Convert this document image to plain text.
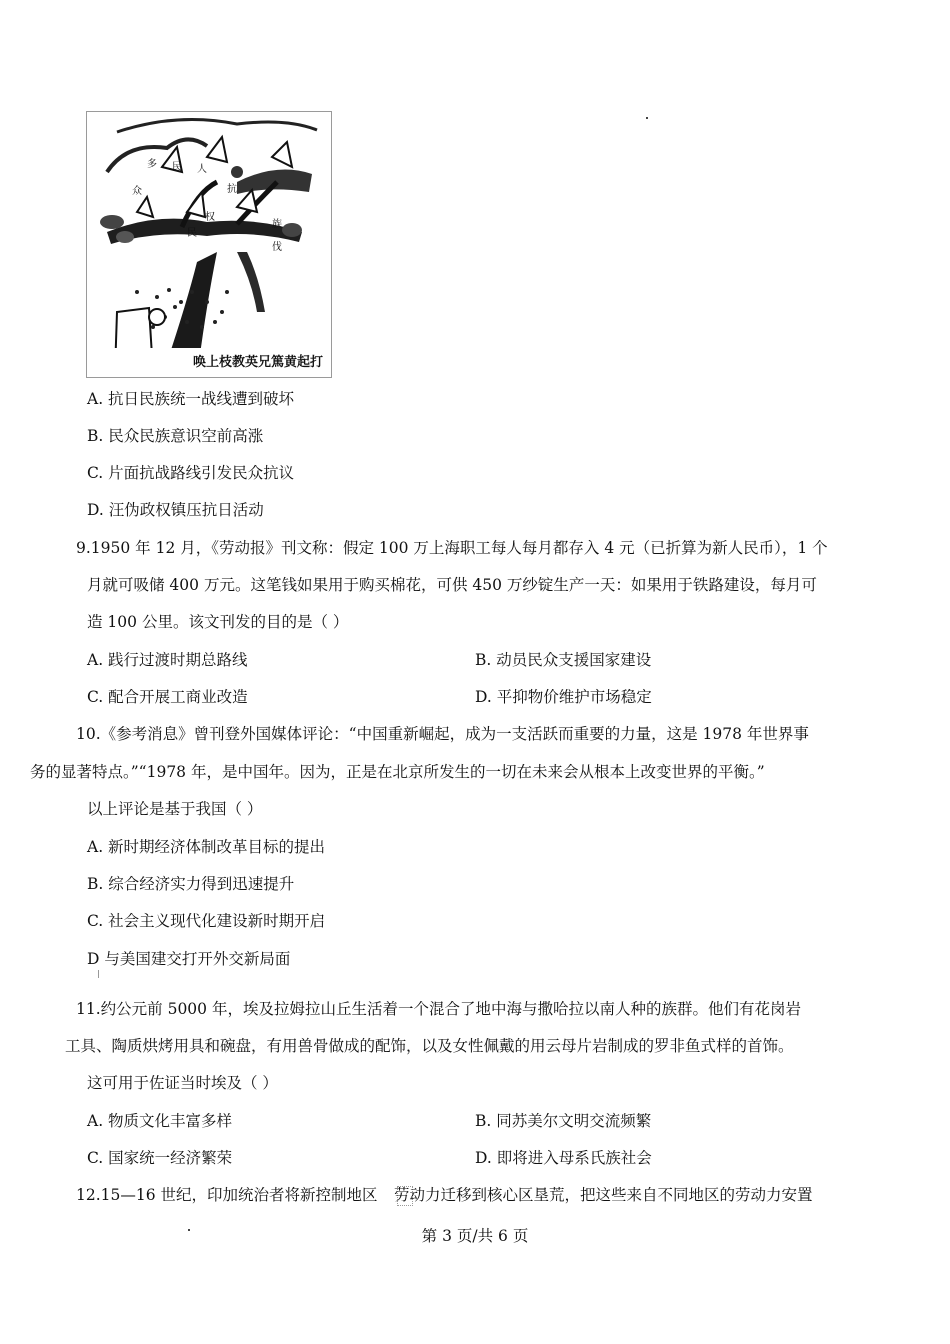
多 民 人
抗
众
权
民
族
伐
唤上枝教英兄篤黄起打
A. 抗日民族统一战线遭到破坏
B. 民众民族意识空前高涨
C. 片面抗战路线引发民众抗议
D. 汪伪政权镇压抗日活动
9.1950 年 12 月，《劳动报》刊文称：假定 100 万上海职工每人每月都存入 4 元（已折算为新人民币），1 个
月就可吸储 400 万元。这笔钱如果用于购买棉花，可供 450 万纱锭生产一天：如果用于铁路建设，每月可
造 100 公里。该文刊发的目的是（ ）
A. 践行过渡时期总路线	B. 动员民众支援国家建设
C. 配合开展工商业改造	D. 平抑物价维护市场稳定
10.《参考消息》曾刊登外国媒体评论：“中国重新崛起，成为一支活跃而重要的力量，这是 1978 年世界事
务的显著特点。”“1978 年，是中国年。因为，正是在北京所发生的一切在未来会从根本上改变世界的平衡。”
以上评论是基于我国（ ）
A. 新时期经济体制改革目标的提出
B. 综合经济实力得到迅速提升
C. 社会主义现代化建设新时期开启
D 与美国建交打开外交新局面
11.约公元前 5000 年，埃及拉姆拉山丘生活着一个混合了地中海与撒哈拉以南人种的族群。他们有花岗岩
工具、陶质烘烤用具和碗盘，有用兽骨做成的配饰，以及女性佩戴的用云母片岩制成的罗非鱼式样的首饰。
这可用于佐证当时埃及（ ）
A. 物质文化丰富多样	B. 同苏美尔文明交流频繁
C. 国家统一经济繁荣	D. 即将进入母系氏族社会
12.15—16 世纪，印加统治者将新控制地区 劳动力迁移到核心区垦荒，把这些来自不同地区的劳动力安置
第 3 页/共 6 页
